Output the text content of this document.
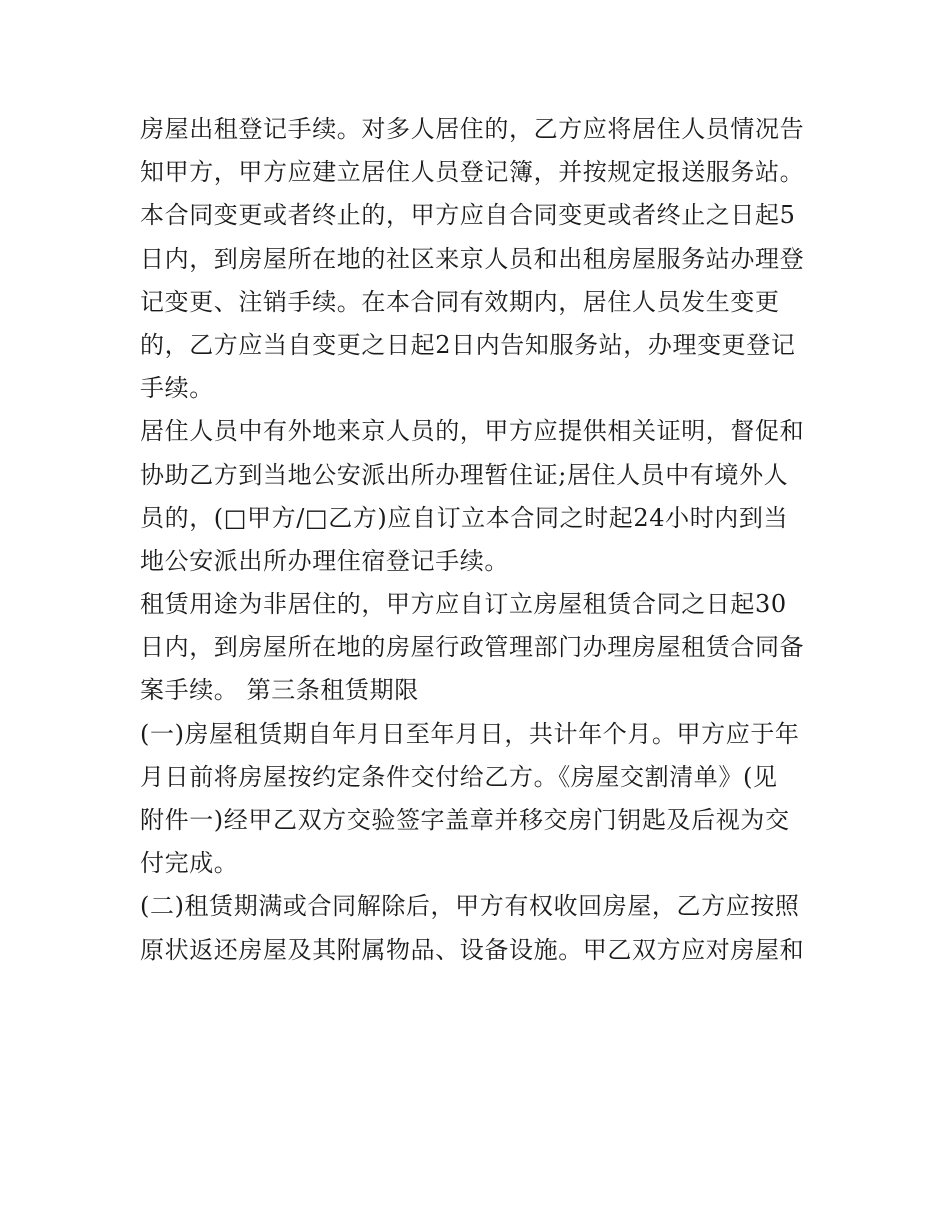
房屋出租登记手续。对多人居住的，乙方应将居住人员情况告
知甲方，甲方应建立居住人员登记簿，并按规定报送服务站。
本合同变更或者终止的，甲方应自合同变更或者终止之日起5
日内，到房屋所在地的社区来京人员和出租房屋服务站办理登
记变更、注销手续。在本合同有效期内，居住人员发生变更
的，乙方应当自变更之日起2日内告知服务站，办理变更登记
手续。
居住人员中有外地来京人员的，甲方应提供相关证明，督促和
协助乙方到当地公安派出所办理暂住证;居住人员中有境外人
员的，(□甲方/□乙方)应自订立本合同之时起24小时内到当
地公安派出所办理住宿登记手续。
租赁用途为非居住的，甲方应自订立房屋租赁合同之日起30
日内，到房屋所在地的房屋行政管理部门办理房屋租赁合同备
案手续。 第三条租赁期限
(一)房屋租赁期自年月日至年月日，共计年个月。甲方应于年
月日前将房屋按约定条件交付给乙方。《房屋交割清单》(见
附件一)经甲乙双方交验签字盖章并移交房门钥匙及后视为交
付完成。
(二)租赁期满或合同解除后，甲方有权收回房屋，乙方应按照
原状返还房屋及其附属物品、设备设施。甲乙双方应对房屋和
